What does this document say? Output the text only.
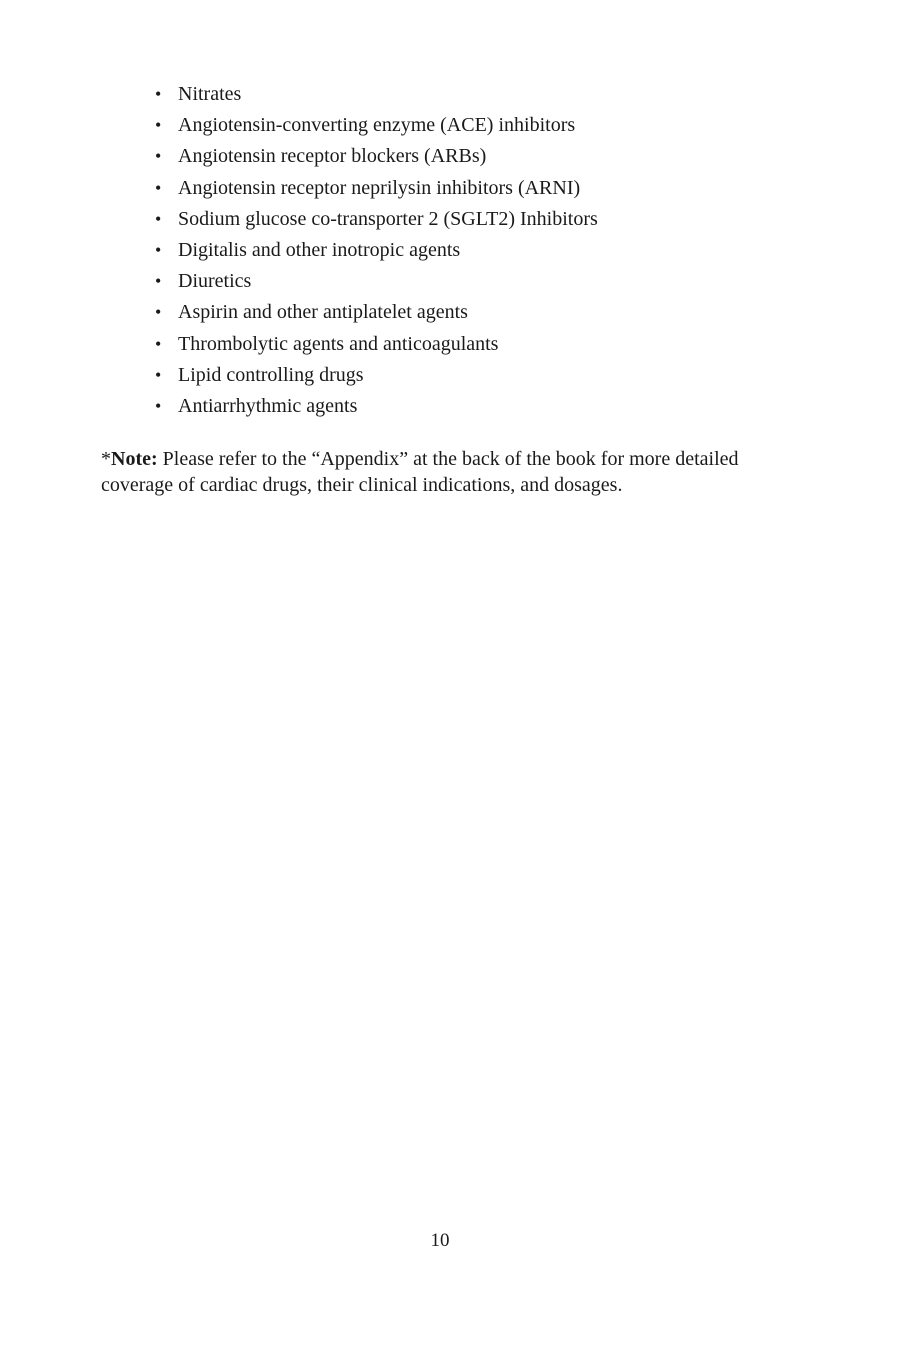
• Nitrates
• Angiotensin-converting enzyme (ACE) inhibitors
• Angiotensin receptor blockers (ARBs)
• Angiotensin receptor neprilysin inhibitors (ARNI)
• Sodium glucose co-transporter 2 (SGLT2) Inhibitors
• Digitalis and other inotropic agents
• Diuretics
• Aspirin and other antiplatelet agents
• Thrombolytic agents and anticoagulants
• Lipid controlling drugs
• Antiarrhythmic agents

*Note: Please refer to the “Appendix” at the back of the book for more detailed coverage of cardiac drugs, their clinical indications, and dosages.

10
